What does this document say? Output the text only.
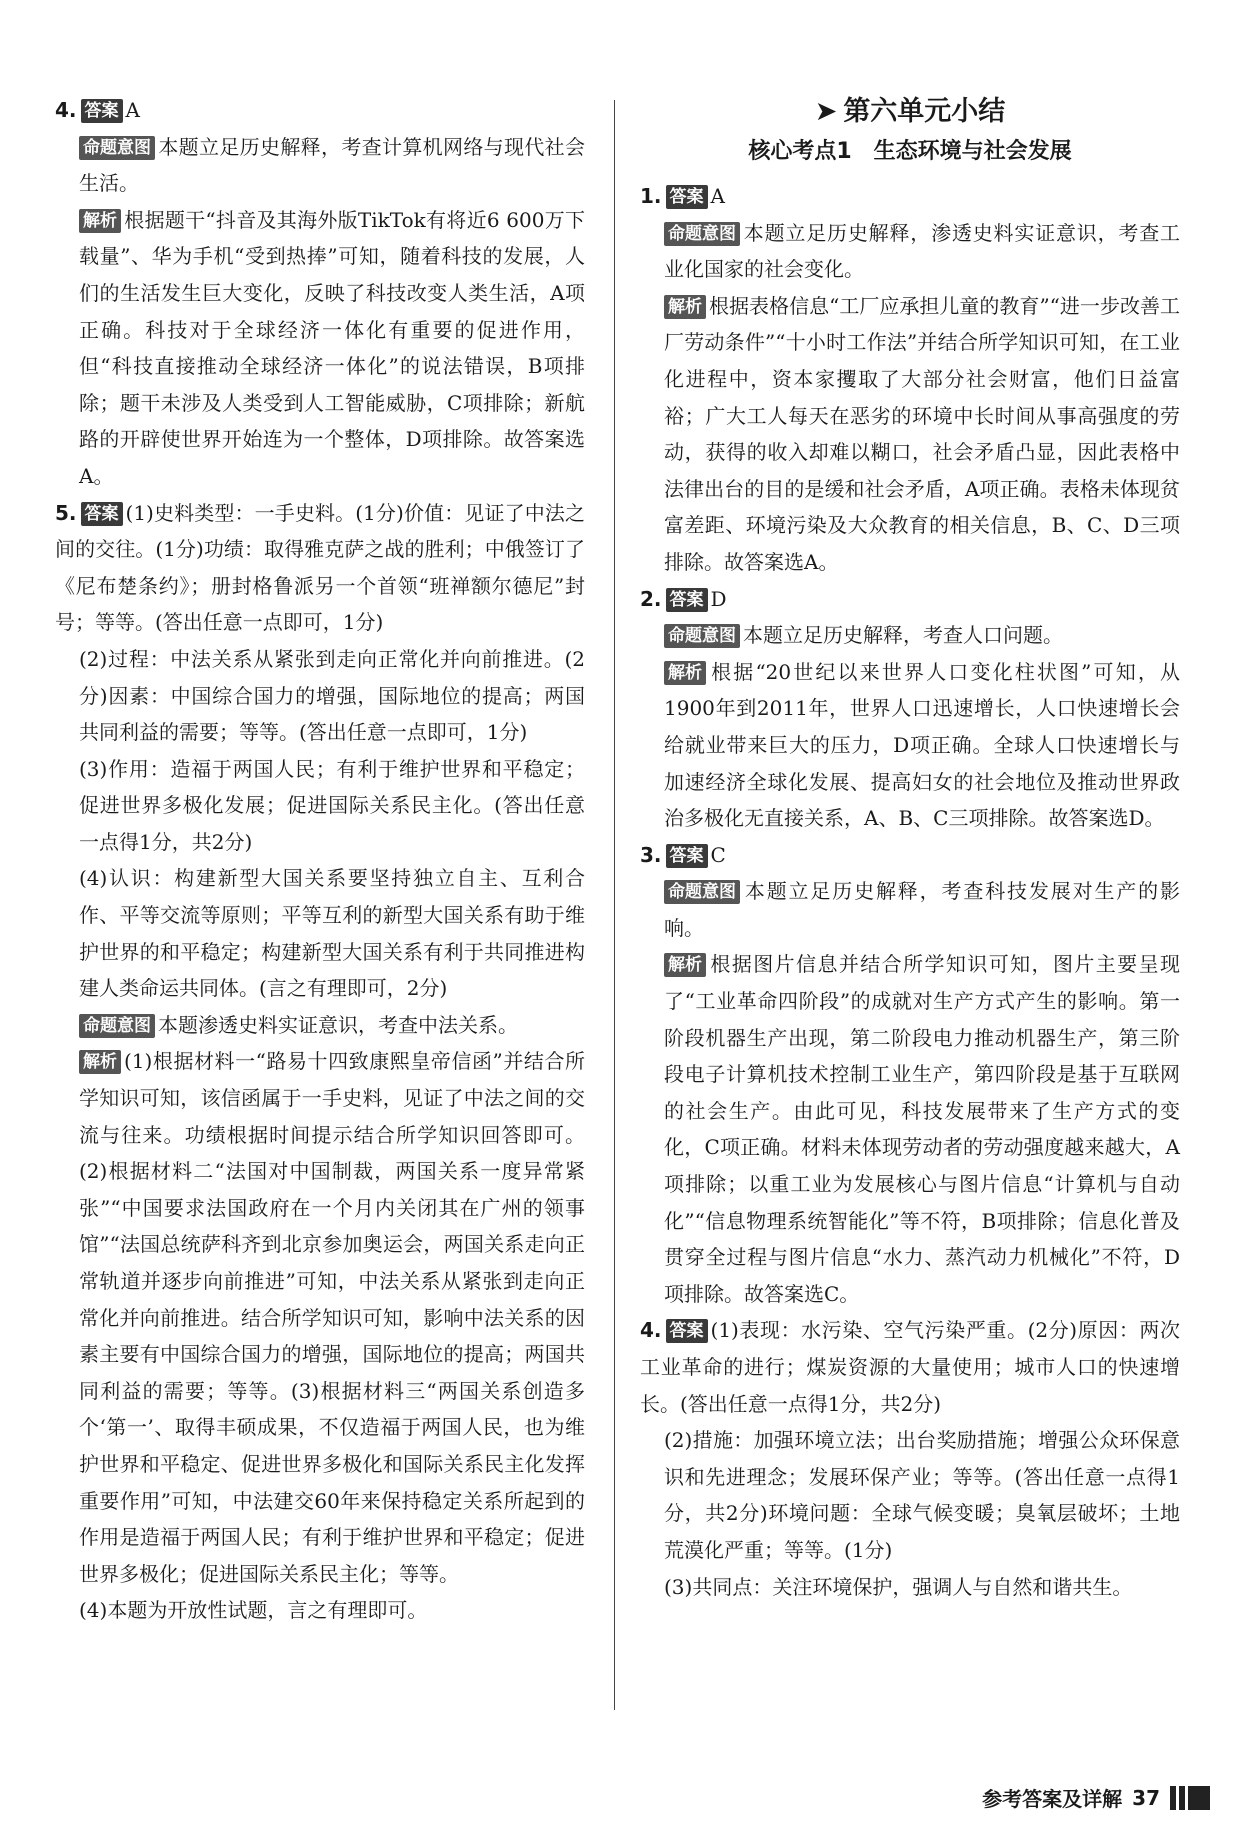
4. 答案 A

命题意图 本题立足历史解释，考查计算机网络与现代社会生活。

解析 根据题干“抖音及其海外版TikTok有将近6 600万下载量”、华为手机“受到热捧”可知，随着科技的发展，人们的生活发生巨大变化，反映了科技改变人类生活，A项正确。科技对于全球经济一体化有重要的促进作用，但“科技直接推动全球经济一体化”的说法错误，B项排除；题干未涉及人类受到人工智能威胁，C项排除；新航路的开辟使世界开始连为一个整体，D项排除。故答案选A。

5. 答案 (1)史料类型：一手史料。(1分)价值：见证了中法之间的交往。(1分)功绩：取得雅克萨之战的胜利；中俄签订了《尼布楚条约》；册封格鲁派另一个首领“班禅额尔德尼”封号；等等。(答出任意一点即可，1分)

(2)过程：中法关系从紧张到走向正常化并向前推进。(2分)因素：中国综合国力的增强，国际地位的提高；两国共同利益的需要；等等。(答出任意一点即可，1分)

(3)作用：造福于两国人民；有利于维护世界和平稳定；促进世界多极化发展；促进国际关系民主化。(答出任意一点得1分，共2分)

(4)认识：构建新型大国关系要坚持独立自主、互利合作、平等交流等原则；平等互利的新型大国关系有助于维护世界的和平稳定；构建新型大国关系有利于共同推进构建人类命运共同体。(言之有理即可，2分)

命题意图 本题渗透史料实证意识，考查中法关系。

解析 (1)根据材料一“路易十四致康熙皇帝信函”并结合所学知识可知，该信函属于一手史料，见证了中法之间的交流与往来。功绩根据时间提示结合所学知识回答即可。(2)根据材料二“法国对中国制裁，两国关系一度异常紧张”“中国要求法国政府在一个月内关闭其在广州的领事馆”“法国总统萨科齐到北京参加奥运会，两国关系走向正常轨道并逐步向前推进”可知，中法关系从紧张到走向正常化并向前推进。结合所学知识可知，影响中法关系的因素主要有中国综合国力的增强，国际地位的提高；两国共同利益的需要；等等。(3)根据材料三“两国关系创造多个‘第一’、取得丰硕成果，不仅造福于两国人民，也为维护世界和平稳定、促进世界多极化和国际关系民主化发挥重要作用”可知，中法建交60年来保持稳定关系所起到的作用是造福于两国人民；有利于维护世界和平稳定；促进世界多极化；促进国际关系民主化；等等。

(4)本题为开放性试题，言之有理即可。

➤ 第六单元小结
核心考点1　生态环境与社会发展

1. 答案 A

命题意图 本题立足历史解释，渗透史料实证意识，考查工业化国家的社会变化。

解析 根据表格信息“工厂应承担儿童的教育”“进一步改善工厂劳动条件”“十小时工作法”并结合所学知识可知，在工业化进程中，资本家攫取了大部分社会财富，他们日益富裕；广大工人每天在恶劣的环境中长时间从事高强度的劳动，获得的收入却难以糊口，社会矛盾凸显，因此表格中法律出台的目的是缓和社会矛盾，A项正确。表格未体现贫富差距、环境污染及大众教育的相关信息，B、C、D三项排除。故答案选A。

2. 答案 D

命题意图 本题立足历史解释，考查人口问题。

解析 根据“20世纪以来世界人口变化柱状图”可知，从1900年到2011年，世界人口迅速增长，人口快速增长会给就业带来巨大的压力，D项正确。全球人口快速增长与加速经济全球化发展、提高妇女的社会地位及推动世界政治多极化无直接关系，A、B、C三项排除。故答案选D。

3. 答案 C

命题意图 本题立足历史解释，考查科技发展对生产的影响。

解析 根据图片信息并结合所学知识可知，图片主要呈现了“工业革命四阶段”的成就对生产方式产生的影响。第一阶段机器生产出现，第二阶段电力推动机器生产，第三阶段电子计算机技术控制工业生产，第四阶段是基于互联网的社会生产。由此可见，科技发展带来了生产方式的变化，C项正确。材料未体现劳动者的劳动强度越来越大，A项排除；以重工业为发展核心与图片信息“计算机与自动化”“信息物理系统智能化”等不符，B项排除；信息化普及贯穿全过程与图片信息“水力、蒸汽动力机械化”不符，D项排除。故答案选C。

4. 答案 (1)表现：水污染、空气污染严重。(2分)原因：两次工业革命的进行；煤炭资源的大量使用；城市人口的快速增长。(答出任意一点得1分，共2分)

(2)措施：加强环境立法；出台奖励措施；增强公众环保意识和先进理念；发展环保产业；等等。(答出任意一点得1分，共2分)环境问题：全球气候变暖；臭氧层破坏；土地荒漠化严重；等等。(1分)

(3)共同点：关注环境保护，强调人与自然和谐共生。

参考答案及详解 37
